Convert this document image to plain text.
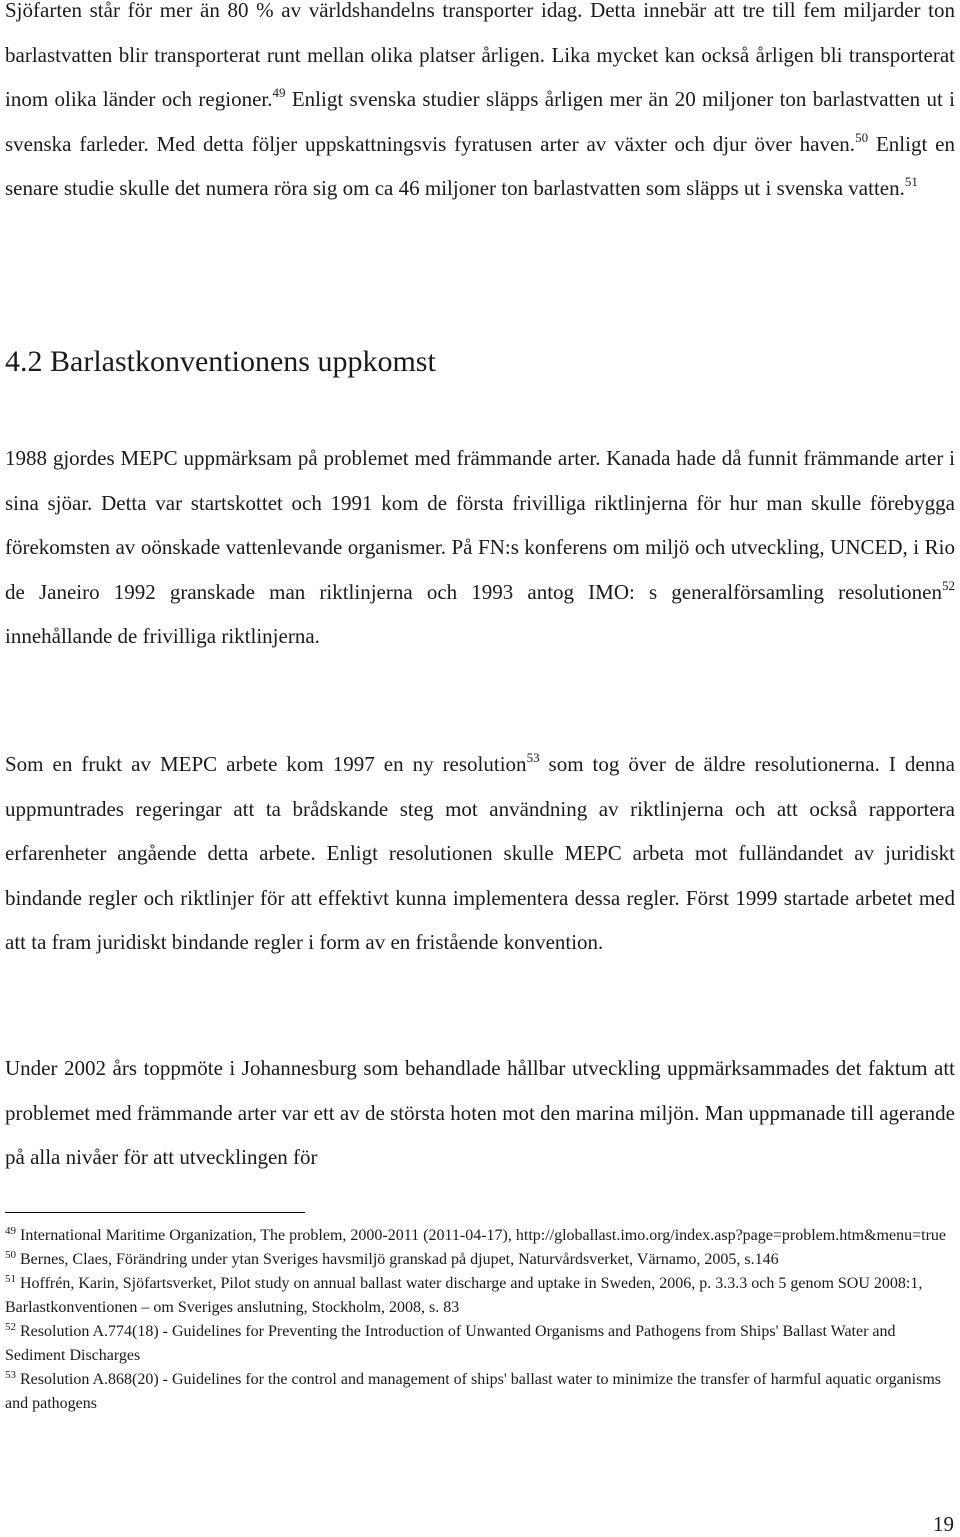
Sjöfarten står för mer än 80 % av världshandelns transporter idag. Detta innebär att tre till fem miljarder ton barlastvatten blir transporterat runt mellan olika platser årligen. Lika mycket kan också årligen bli transporterat inom olika länder och regioner.$^{49}$ Enligt svenska studier släpps årligen mer än 20 miljoner ton barlastvatten ut i svenska farleder. Med detta följer uppskattningsvis fyratusen arter av växter och djur över haven.$^{50}$ Enligt en senare studie skulle det numera röra sig om ca 46 miljoner ton barlastvatten som släpps ut i svenska vatten.$^{51}$

4.2 Barlastkonventionens uppkomst

1988 gjordes MEPC uppmärksam på problemet med främmande arter. Kanada hade då funnit främmande arter i sina sjöar. Detta var startskottet och 1991 kom de första frivilliga riktlinjerna för hur man skulle förebygga förekomsten av oönskade vattenlevande organismer. På FN:s konferens om miljö och utveckling, UNCED, i Rio de Janeiro 1992 granskade man riktlinjerna och 1993 antog IMO: s generalförsamling resolutionen$^{52}$ innehållande de frivilliga riktlinjerna.

Som en frukt av MEPC arbete kom 1997 en ny resolution$^{53}$ som tog över de äldre resolutionerna. I denna uppmuntrades regeringar att ta brådskande steg mot användning av riktlinjerna och att också rapportera erfarenheter angående detta arbete. Enligt resolutionen skulle MEPC arbeta mot fulländandet av juridiskt bindande regler och riktlinjer för att effektivt kunna implementera dessa regler. Först 1999 startade arbetet med att ta fram juridiskt bindande regler i form av en fristående konvention.

Under 2002 års toppmöte i Johannesburg som behandlade hållbar utveckling uppmärksammades det faktum att problemet med främmande arter var ett av de största hoten mot den marina miljön. Man uppmanade till agerande på alla nivåer för att utvecklingen för

$^{49}$ International Maritime Organization, The problem, 2000-2011 (2011-04-17), http://globallast.imo.org/index.asp?page=problem.htm&menu=true

$^{50}$ Bernes, Claes, Förändring under ytan Sveriges havsmiljö granskad på djupet, Naturvårdsverket, Värnamo, 2005, s.146

$^{51}$ Hoffrén, Karin, Sjöfartsverket, Pilot study on annual ballast water discharge and uptake in Sweden, 2006, p. 3.3.3 och 5 genom SOU 2008:1, Barlastkonventionen – om Sveriges anslutning, Stockholm, 2008, s. 83

$^{52}$ Resolution A.774(18) - Guidelines for Preventing the Introduction of Unwanted Organisms and Pathogens from Ships' Ballast Water and Sediment Discharges

$^{53}$ Resolution A.868(20) - Guidelines for the control and management of ships' ballast water to minimize the transfer of harmful aquatic organisms and pathogens

19
